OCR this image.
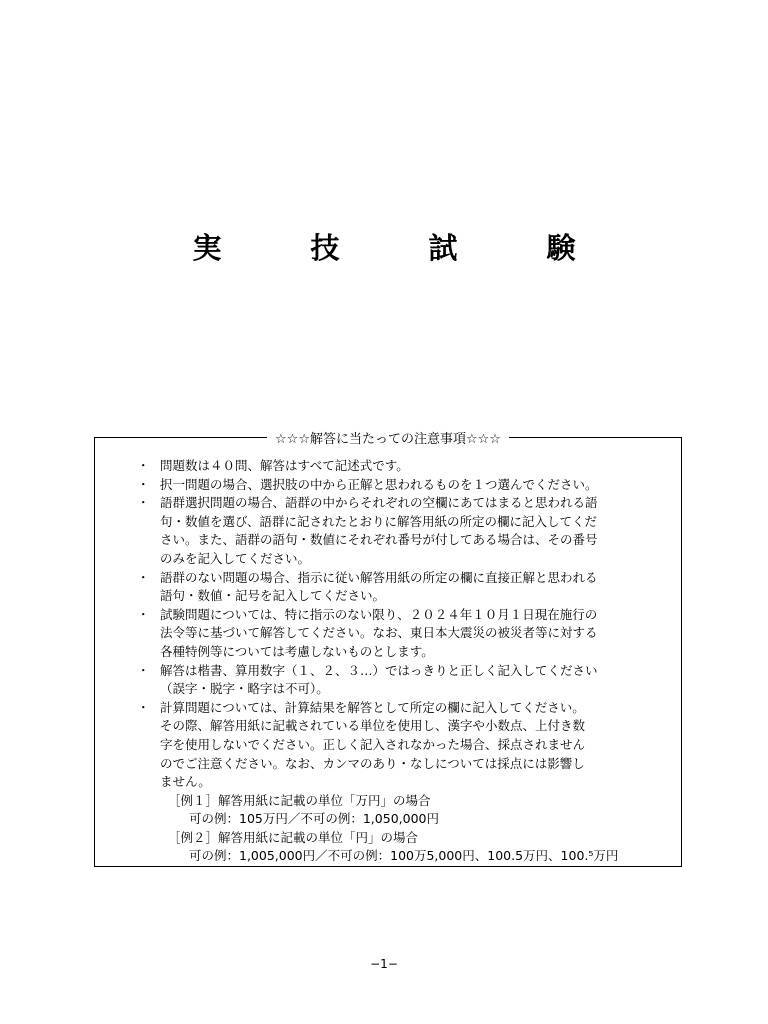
実　技　試　験
☆☆☆解答に当たっての注意事項☆☆☆
・ 問題数は４０問、解答はすべて記述式です。
・ 択一問題の場合、選択肢の中から正解と思われるものを１つ選んでください。
・ 語群選択問題の場合、語群の中からそれぞれの空欄にあてはまると思われる語
句・数値を選び、語群に記されたとおりに解答用紙の所定の欄に記入してくだ
さい。また、語群の語句・数値にそれぞれ番号が付してある場合は、その番号
のみを記入してください。
・ 語群のない問題の場合、指示に従い解答用紙の所定の欄に直接正解と思われる
語句・数値・記号を記入してください。
・ 試験問題については、特に指示のない限り、２０２４年１０月１日現在施行の
法令等に基づいて解答してください。なお、東日本大震災の被災者等に対する
各種特例等については考慮しないものとします。
・ 解答は楷書、算用数字（１、２、３…）ではっきりと正しく記入してください
（誤字・脱字・略字は不可）。
・ 計算問題については、計算結果を解答として所定の欄に記入してください。
その際、解答用紙に記載されている単位を使用し、漢字や小数点、上付き数
字を使用しないでください。正しく記入されなかった場合、採点されません
のでご注意ください。なお、カンマのあり・なしについては採点には影響し
ません。
［例１］解答用紙に記載の単位「万円」の場合
可の例：105万円／不可の例：1,050,000円
［例２］解答用紙に記載の単位「円」の場合
可の例：1,005,000円／不可の例：100万5,000円、100.5万円、100.⁵万円
−1−
